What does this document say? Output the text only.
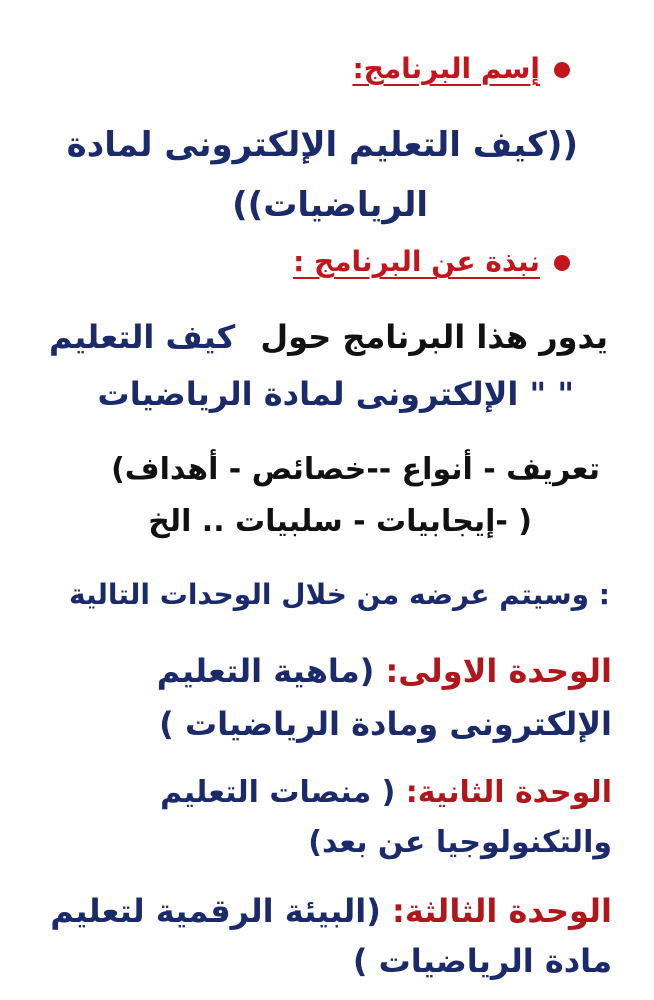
إسم البرنامج:
((كيف التعليم الإلكترونى لمادة
الرياضيات))
نبذة عن البرنامج :
يدور هذا البرنامج حول كيف التعليم
" " الإلكترونى لمادة الرياضيات
تعريف - أنواع --خصائص - أهداف)
( -إيجابيات - سلبيات .. الخ
: وسيتم عرضه من خلال الوحدات التالية
الوحدة الاولى: (ماهية التعليم
الإلكترونى ومادة الرياضيات )
الوحدة الثانية: ( منصات التعليم
والتكنولوجيا عن بعد)
الوحدة الثالثة: (البيئة الرقمية لتعليم
مادة الرياضيات )
